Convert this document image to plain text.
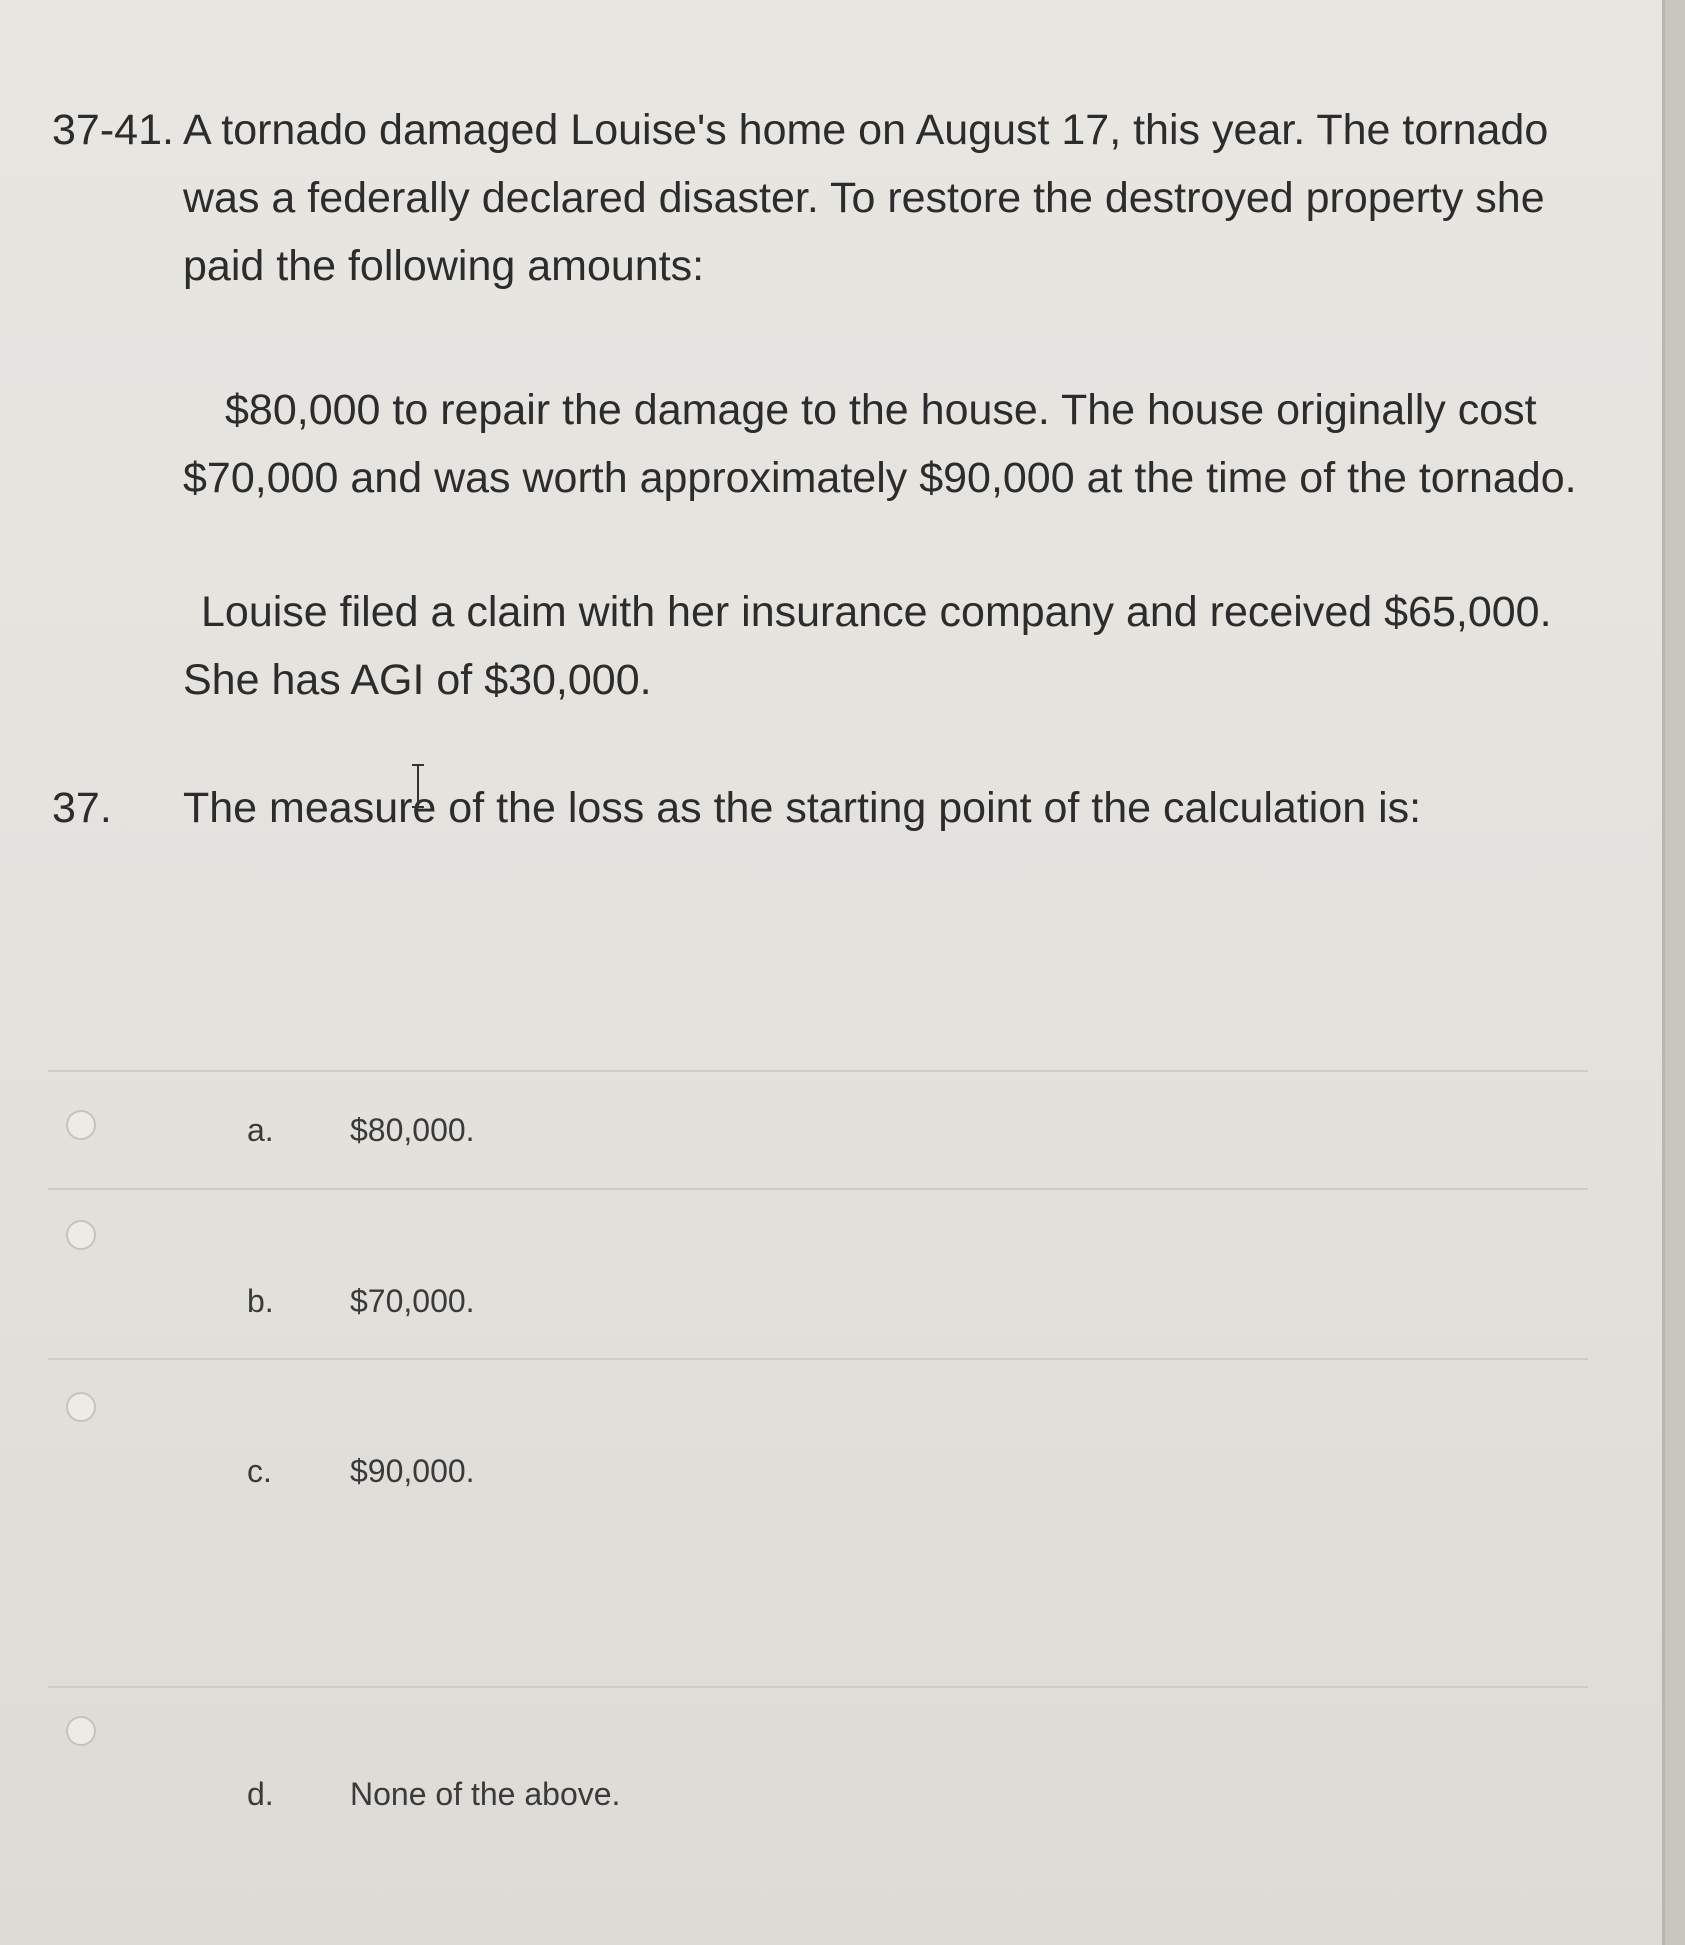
37-41. A tornado damaged Louise's home on August 17, this year. The tornado
was a federally declared disaster. To restore the destroyed property she
paid the following amounts:
$80,000 to repair the damage to the house. The house originally cost
$70,000 and was worth approximately $90,000 at the time of the tornado.
Louise filed a claim with her insurance company and received $65,000.
She has AGI of $30,000.
37. The measure of the loss as the starting point of the calculation is:
a. $80,000.
b. $70,000.
c. $90,000.
d. None of the above.
